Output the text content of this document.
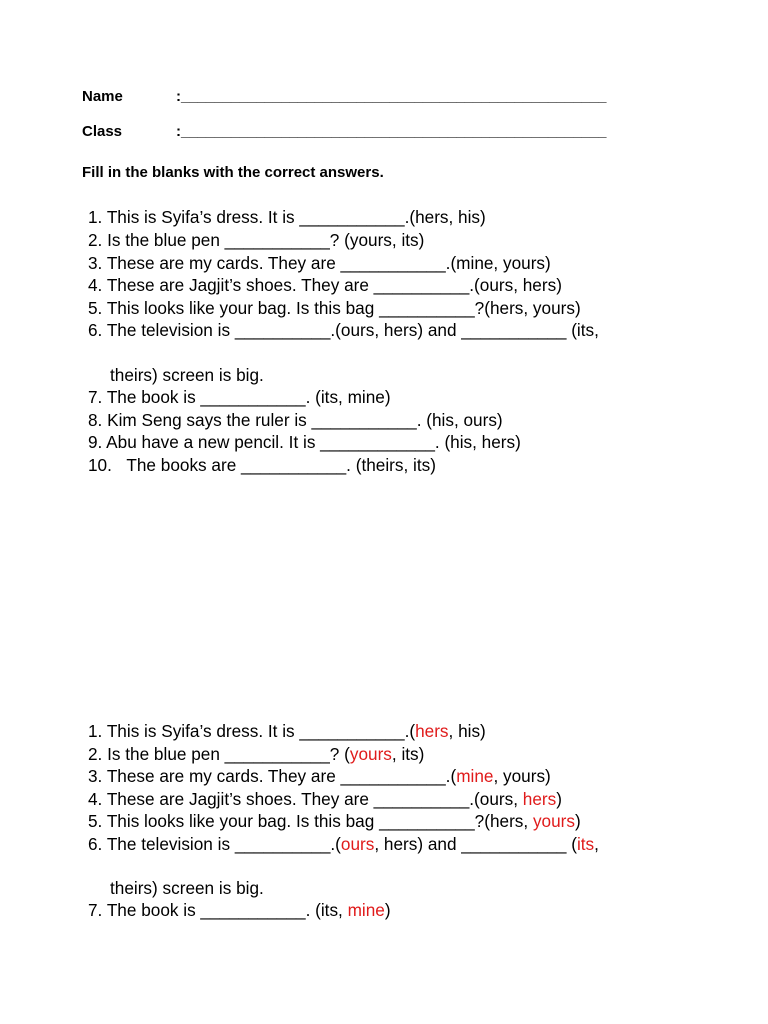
Name	:___________________________________________________
Class	:___________________________________________________
Fill in the blanks with the correct answers.
1. This is Syifa’s dress. It is ___________.(hers, his)
2. Is the blue pen ___________? (yours, its)
3. These are my cards. They are ___________.(mine, yours)
4. These are Jagjit’s shoes. They are __________.(ours, hers)
5. This looks like your bag. Is this bag __________?(hers, yours)
6. The television is __________.(ours, hers) and ___________ (its,
theirs) screen is big.
7. The book is ___________. (its, mine)
8. Kim Seng says the ruler is ___________. (his, ours)
9. Abu have a new pencil. It is ____________. (his, hers)
10. The books are ___________. (theirs, its)
1. This is Syifa’s dress. It is ___________.(hers, his)
2. Is the blue pen ___________? (yours, its)
3. These are my cards. They are ___________.(mine, yours)
4. These are Jagjit’s shoes. They are __________.(ours, hers)
5. This looks like your bag. Is this bag __________?(hers, yours)
6. The television is __________.(ours, hers) and ___________ (its,
theirs) screen is big.
7. The book is ___________. (its, mine)
